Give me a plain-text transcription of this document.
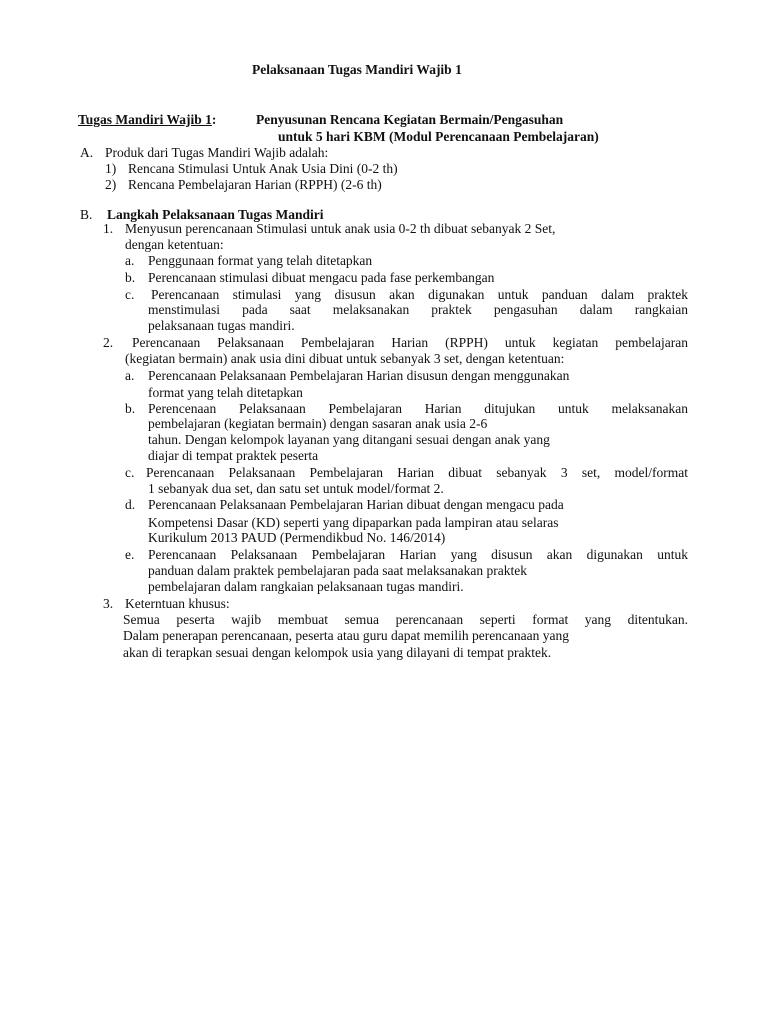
Pelaksanaan Tugas Mandiri Wajib 1
Tugas Mandiri Wajib 1:	Penyusunan Rencana Kegiatan Bermain/Pengasuhan
untuk 5 hari KBM (Modul Perencanaan Pembelajaran)
A. Produk dari Tugas Mandiri Wajib adalah:
1) Rencana Stimulasi Untuk Anak Usia Dini (0-2 th)
2) Rencana Pembelajaran Harian (RPPH) (2-6 th)
B. Langkah Pelaksanaan Tugas Mandiri
1. Menyusun perencanaan Stimulasi untuk anak usia 0-2 th dibuat sebanyak 2 Set,
dengan ketentuan:
a. Penggunaan format yang telah ditetapkan
b. Perencanaan stimulasi dibuat mengacu pada fase perkembangan
c. Perencanaan stimulasi yang disusun akan digunakan untuk panduan dalam praktek
menstimulasi pada saat melaksanakan praktek pengasuhan dalam rangkaian
pelaksanaan tugas mandiri.
2. Perencanaan Pelaksanaan Pembelajaran Harian (RPPH) untuk kegiatan pembelajaran
(kegiatan bermain) anak usia dini dibuat untuk sebanyak 3 set, dengan ketentuan:
a. Perencanaan Pelaksanaan Pembelajaran Harian disusun dengan menggunakan
format yang telah ditetapkan
b. Perencenaan Pelaksanaan Pembelajaran Harian ditujukan untuk melaksanakan
pembelajaran (kegiatan bermain) dengan sasaran anak usia 2-6
tahun. Dengan kelompok layanan yang ditangani sesuai dengan anak yang
diajar di tempat praktek peserta
c. Perencanaan Pelaksanaan Pembelajaran Harian dibuat sebanyak 3 set, model/format
1 sebanyak dua set, dan satu set untuk model/format 2.
d. Perencanaan Pelaksanaan Pembelajaran Harian dibuat dengan mengacu pada
Kompetensi Dasar (KD) seperti yang dipaparkan pada lampiran atau selaras
Kurikulum 2013 PAUD (Permendikbud No. 146/2014)
e. Perencanaan Pelaksanaan Pembelajaran Harian yang disusun akan digunakan untuk
panduan dalam praktek pembelajaran pada saat melaksanakan praktek
pembelajaran dalam rangkaian pelaksanaan tugas mandiri.
3. Keterntuan khusus:
Semua peserta wajib membuat semua perencanaan seperti format yang ditentukan.
Dalam penerapan perencanaan, peserta atau guru dapat memilih perencanaan yang
akan di terapkan sesuai dengan kelompok usia yang dilayani di tempat praktek.
